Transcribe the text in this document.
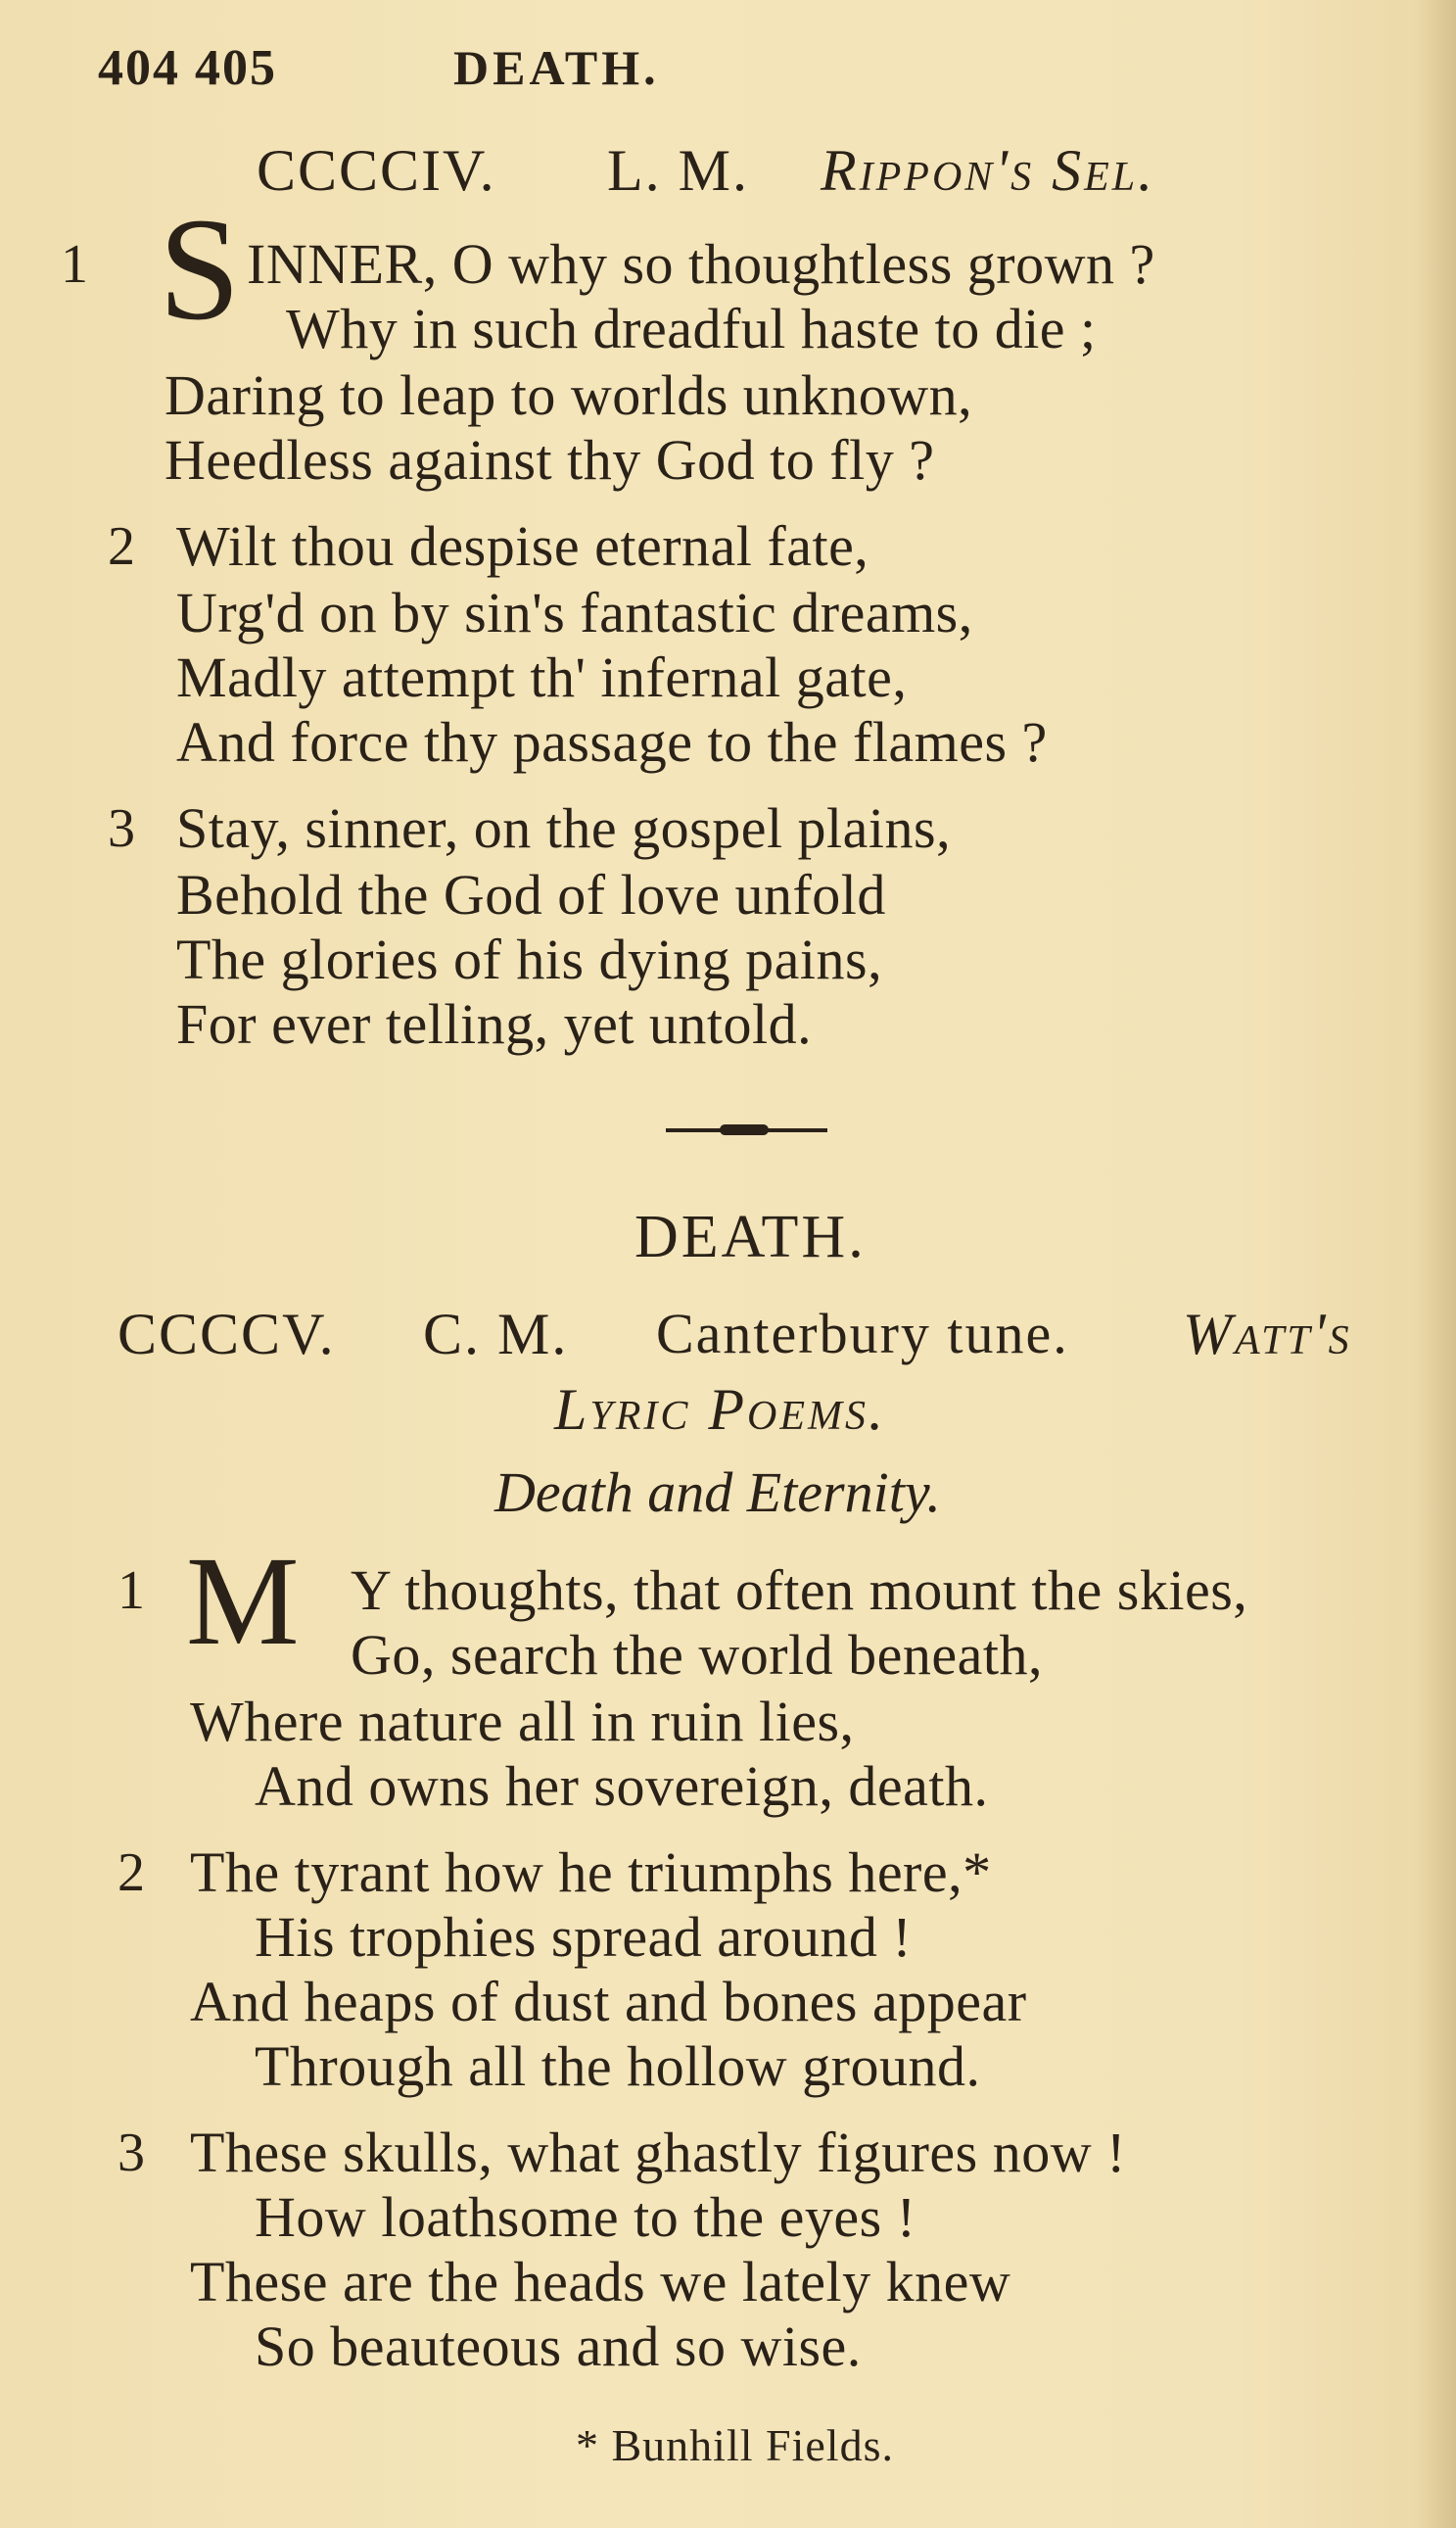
404 405	DEATH.
CCCCIV. L. M. Rippon's Sel.
1 S INNER, O why so thoughtless grown ?
Why in such dreadful haste to die ;
Daring to leap to worlds unknown,
Heedless against thy God to fly ?
2 Wilt thou despise eternal fate,
Urg'd on by sin's fantastic dreams,
Madly attempt th' infernal gate,
And force thy passage to the flames ?
3 Stay, sinner, on the gospel plains,
Behold the God of love unfold
The glories of his dying pains,
For ever telling, yet untold.
DEATH.
CCCCV. C. M. Canterbury tune. Watt's
Lyric Poems.
Death and Eternity.
1 M Y thoughts, that often mount the skies,
Go, search the world beneath,
Where nature all in ruin lies,
And owns her sovereign, death.
2 The tyrant how he triumphs here,*
His trophies spread around !
And heaps of dust and bones appear
Through all the hollow ground.
3 These skulls, what ghastly figures now !
How loathsome to the eyes !
These are the heads we lately knew
So beauteous and so wise.
* Bunhill Fields.
